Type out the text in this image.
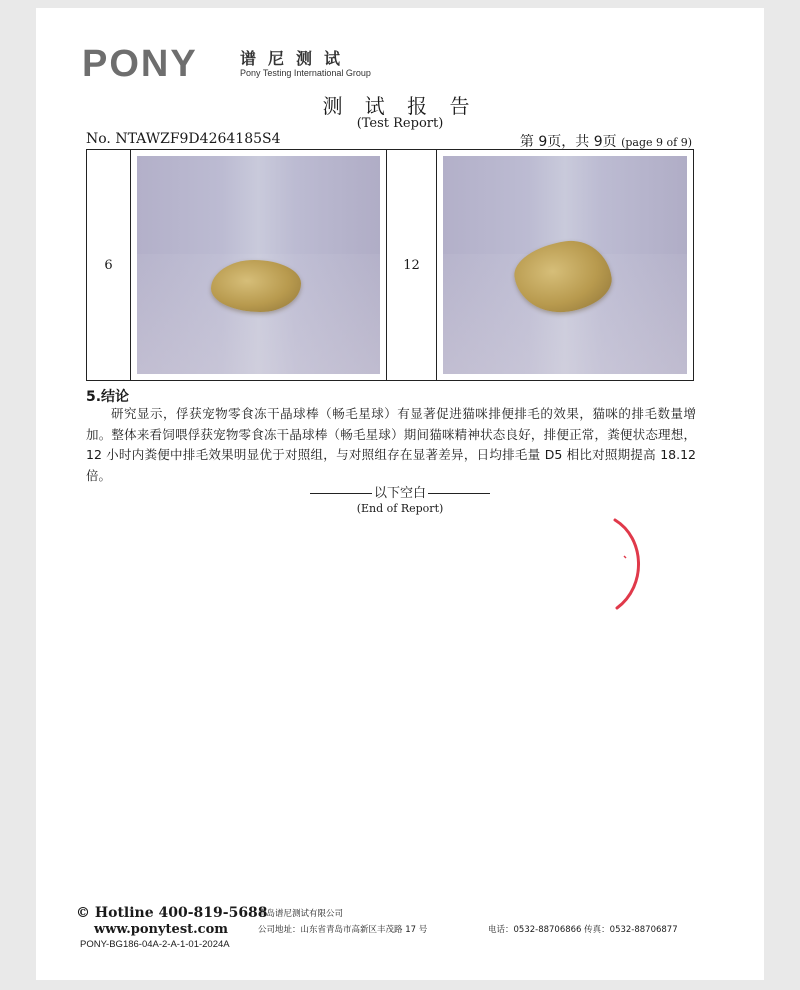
PONY	谱尼测试
Pony Testing International Group
测 试 报 告
(Test Report)
No. NTAWZF9D4264185S4	第 9页，共 9页 (page 9 of 9)
6	12
5.结论
研究显示，俘获宠物零食冻干晶球棒（畅毛星球）有显著促进猫咪排便排毛的效果，猫咪的排毛数量增加。整体来看饲喂俘获宠物零食冻干晶球棒（畅毛星球）期间猫咪精神状态良好，排便正常，粪便状态理想，12 小时内粪便中排毛效果明显优于对照组，与对照组存在显著差异，日均排毛量 D5 相比对照期提高 18.12 倍。
以下空白
(End of Report)
© Hotline 400-819-5688
www.ponytest.com
PONY-BG186-04A-2-A-1-01-2024A
青岛谱尼测试有限公司
公司地址：山东省青岛市高新区丰茂路 17 号	电话：0532-88706866 传真：0532-88706877
